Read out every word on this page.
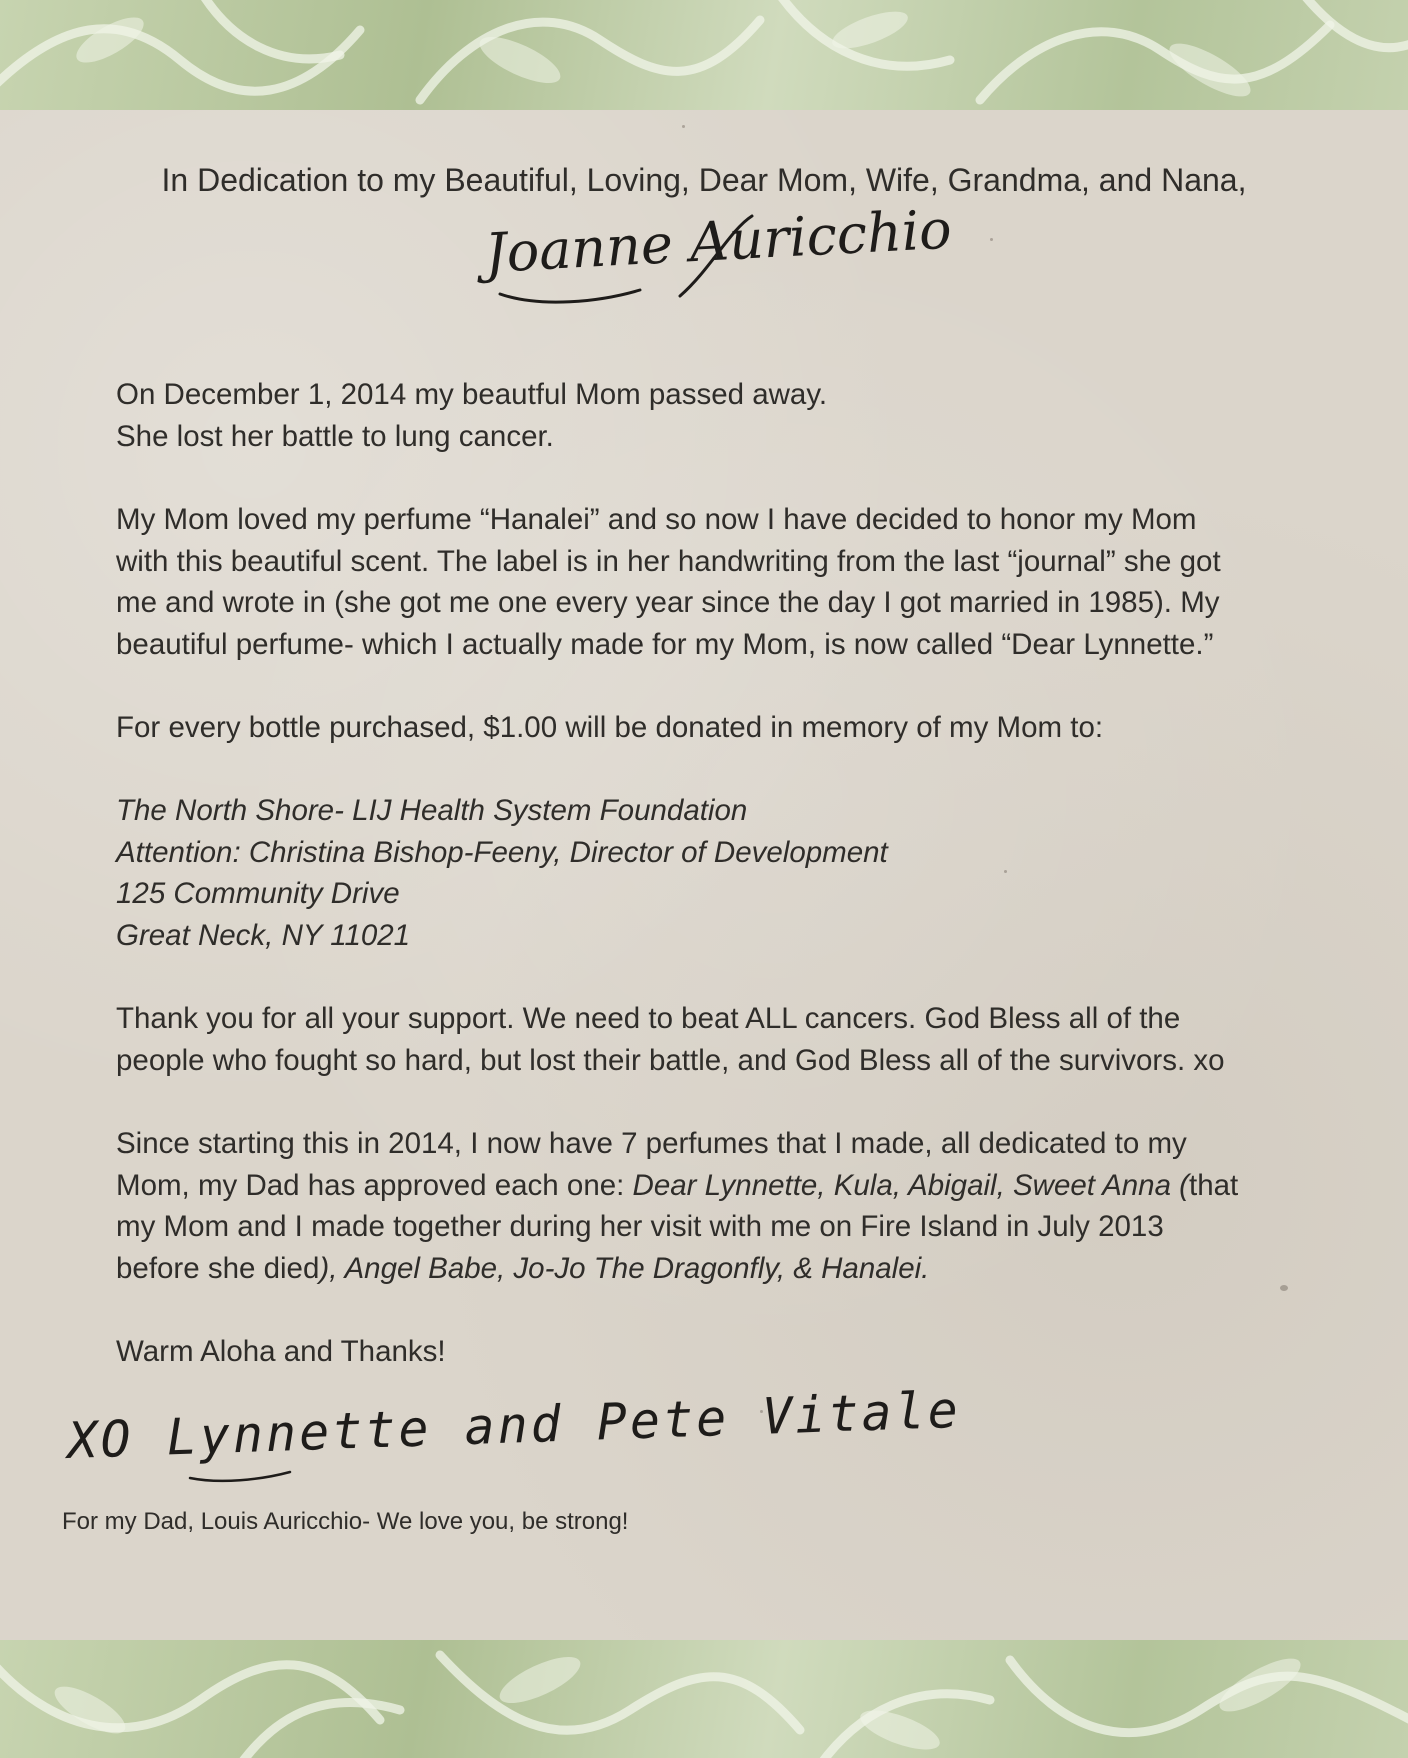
In Dedication to my Beautiful, Loving, Dear Mom, Wife, Grandma, and Nana,
Joanne Auricchio

On December 1, 2014 my beautful Mom passed away.
She lost her battle to lung cancer.

My Mom loved my perfume “Hanalei” and so now I have decided to honor my Mom
with this beautiful scent. The label is in her handwriting from the last “journal” she got
me and wrote in (she got me one every year since the day I got married in 1985). My
beautiful perfume- which I actually made for my Mom, is now called “Dear Lynnette.”
For every bottle purchased, $1.00 will be donated in memory of my Mom to:
The North Shore- LIJ Health System Foundation
Attention: Christina Bishop-Feeny, Director of Development
125 Community Drive
Great Neck, NY 11021
Thank you for all your support. We need to beat ALL cancers. God Bless all of the
people who fought so hard, but lost their battle, and God Bless all of the survivors. xo
Since starting this in 2014, I now have 7 perfumes that I made, all dedicated to my
Mom, my Dad has approved each one: Dear Lynnette, Kula, Abigail, Sweet Anna (that
my Mom and I made together during her visit with me on Fire Island in July 2013
before she died), Angel Babe, Jo-Jo The Dragonfly, & Hanalei.
Warm Aloha and Thanks!
XO Lynnette and Pete Vitale
For my Dad, Louis Auricchio- We love you, be strong!
